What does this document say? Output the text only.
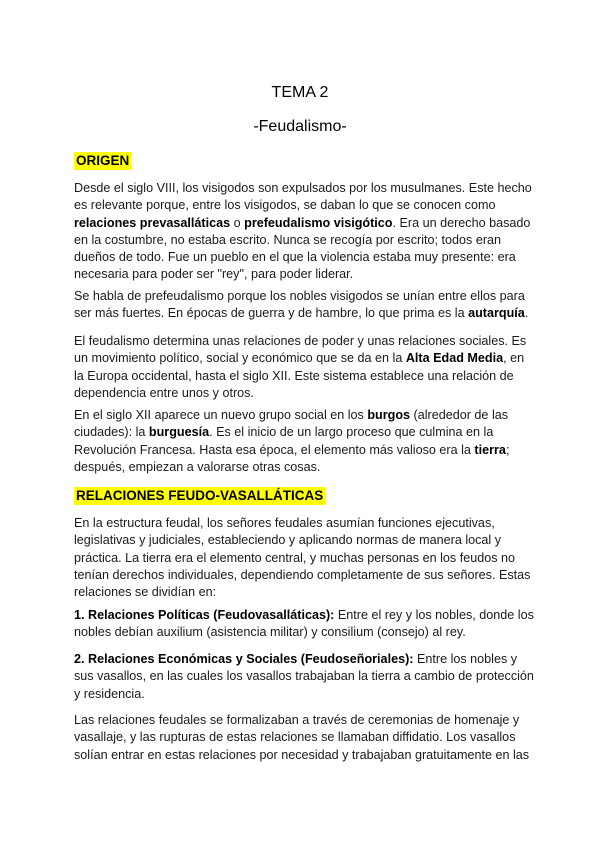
TEMA 2
-Feudalismo-
ORIGEN

Desde el siglo VIII, los visigodos son expulsados por los musulmanes. Este hecho es relevante porque, entre los visigodos, se daban lo que se conocen como relaciones prevasalláticas o prefeudalismo visigótico. Era un derecho basado en la costumbre, no estaba escrito. Nunca se recogía por escrito; todos eran dueños de todo. Fue un pueblo en el que la violencia estaba muy presente: era necesaria para poder ser "rey", para poder liderar.

Se habla de prefeudalismo porque los nobles visigodos se unían entre ellos para ser más fuertes. En épocas de guerra y de hambre, lo que prima es la autarquía.

El feudalismo determina unas relaciones de poder y unas relaciones sociales. Es un movimiento político, social y económico que se da en la Alta Edad Media, en la Europa occidental, hasta el siglo XII. Este sistema establece una relación de dependencia entre unos y otros.

En el siglo XII aparece un nuevo grupo social en los burgos (alrededor de las ciudades): la burguesía. Es el inicio de un largo proceso que culmina en la Revolución Francesa. Hasta esa época, el elemento más valioso era la tierra; después, empiezan a valorarse otras cosas.

RELACIONES FEUDO-VASALLÁTICAS

En la estructura feudal, los señores feudales asumían funciones ejecutivas, legislativas y judiciales, estableciendo y aplicando normas de manera local y práctica. La tierra era el elemento central, y muchas personas en los feudos no tenían derechos individuales, dependiendo completamente de sus señores. Estas relaciones se dividían en:

1. Relaciones Políticas (Feudovasalláticas): Entre el rey y los nobles, donde los nobles debían auxilium (asistencia militar) y consilium (consejo) al rey.

2. Relaciones Económicas y Sociales (Feudoseñoriales): Entre los nobles y sus vasallos, en las cuales los vasallos trabajaban la tierra a cambio de protección y residencia.

Las relaciones feudales se formalizaban a través de ceremonias de homenaje y vasallaje, y las rupturas de estas relaciones se llamaban diffidatio. Los vasallos solían entrar en estas relaciones por necesidad y trabajaban gratuitamente en las
